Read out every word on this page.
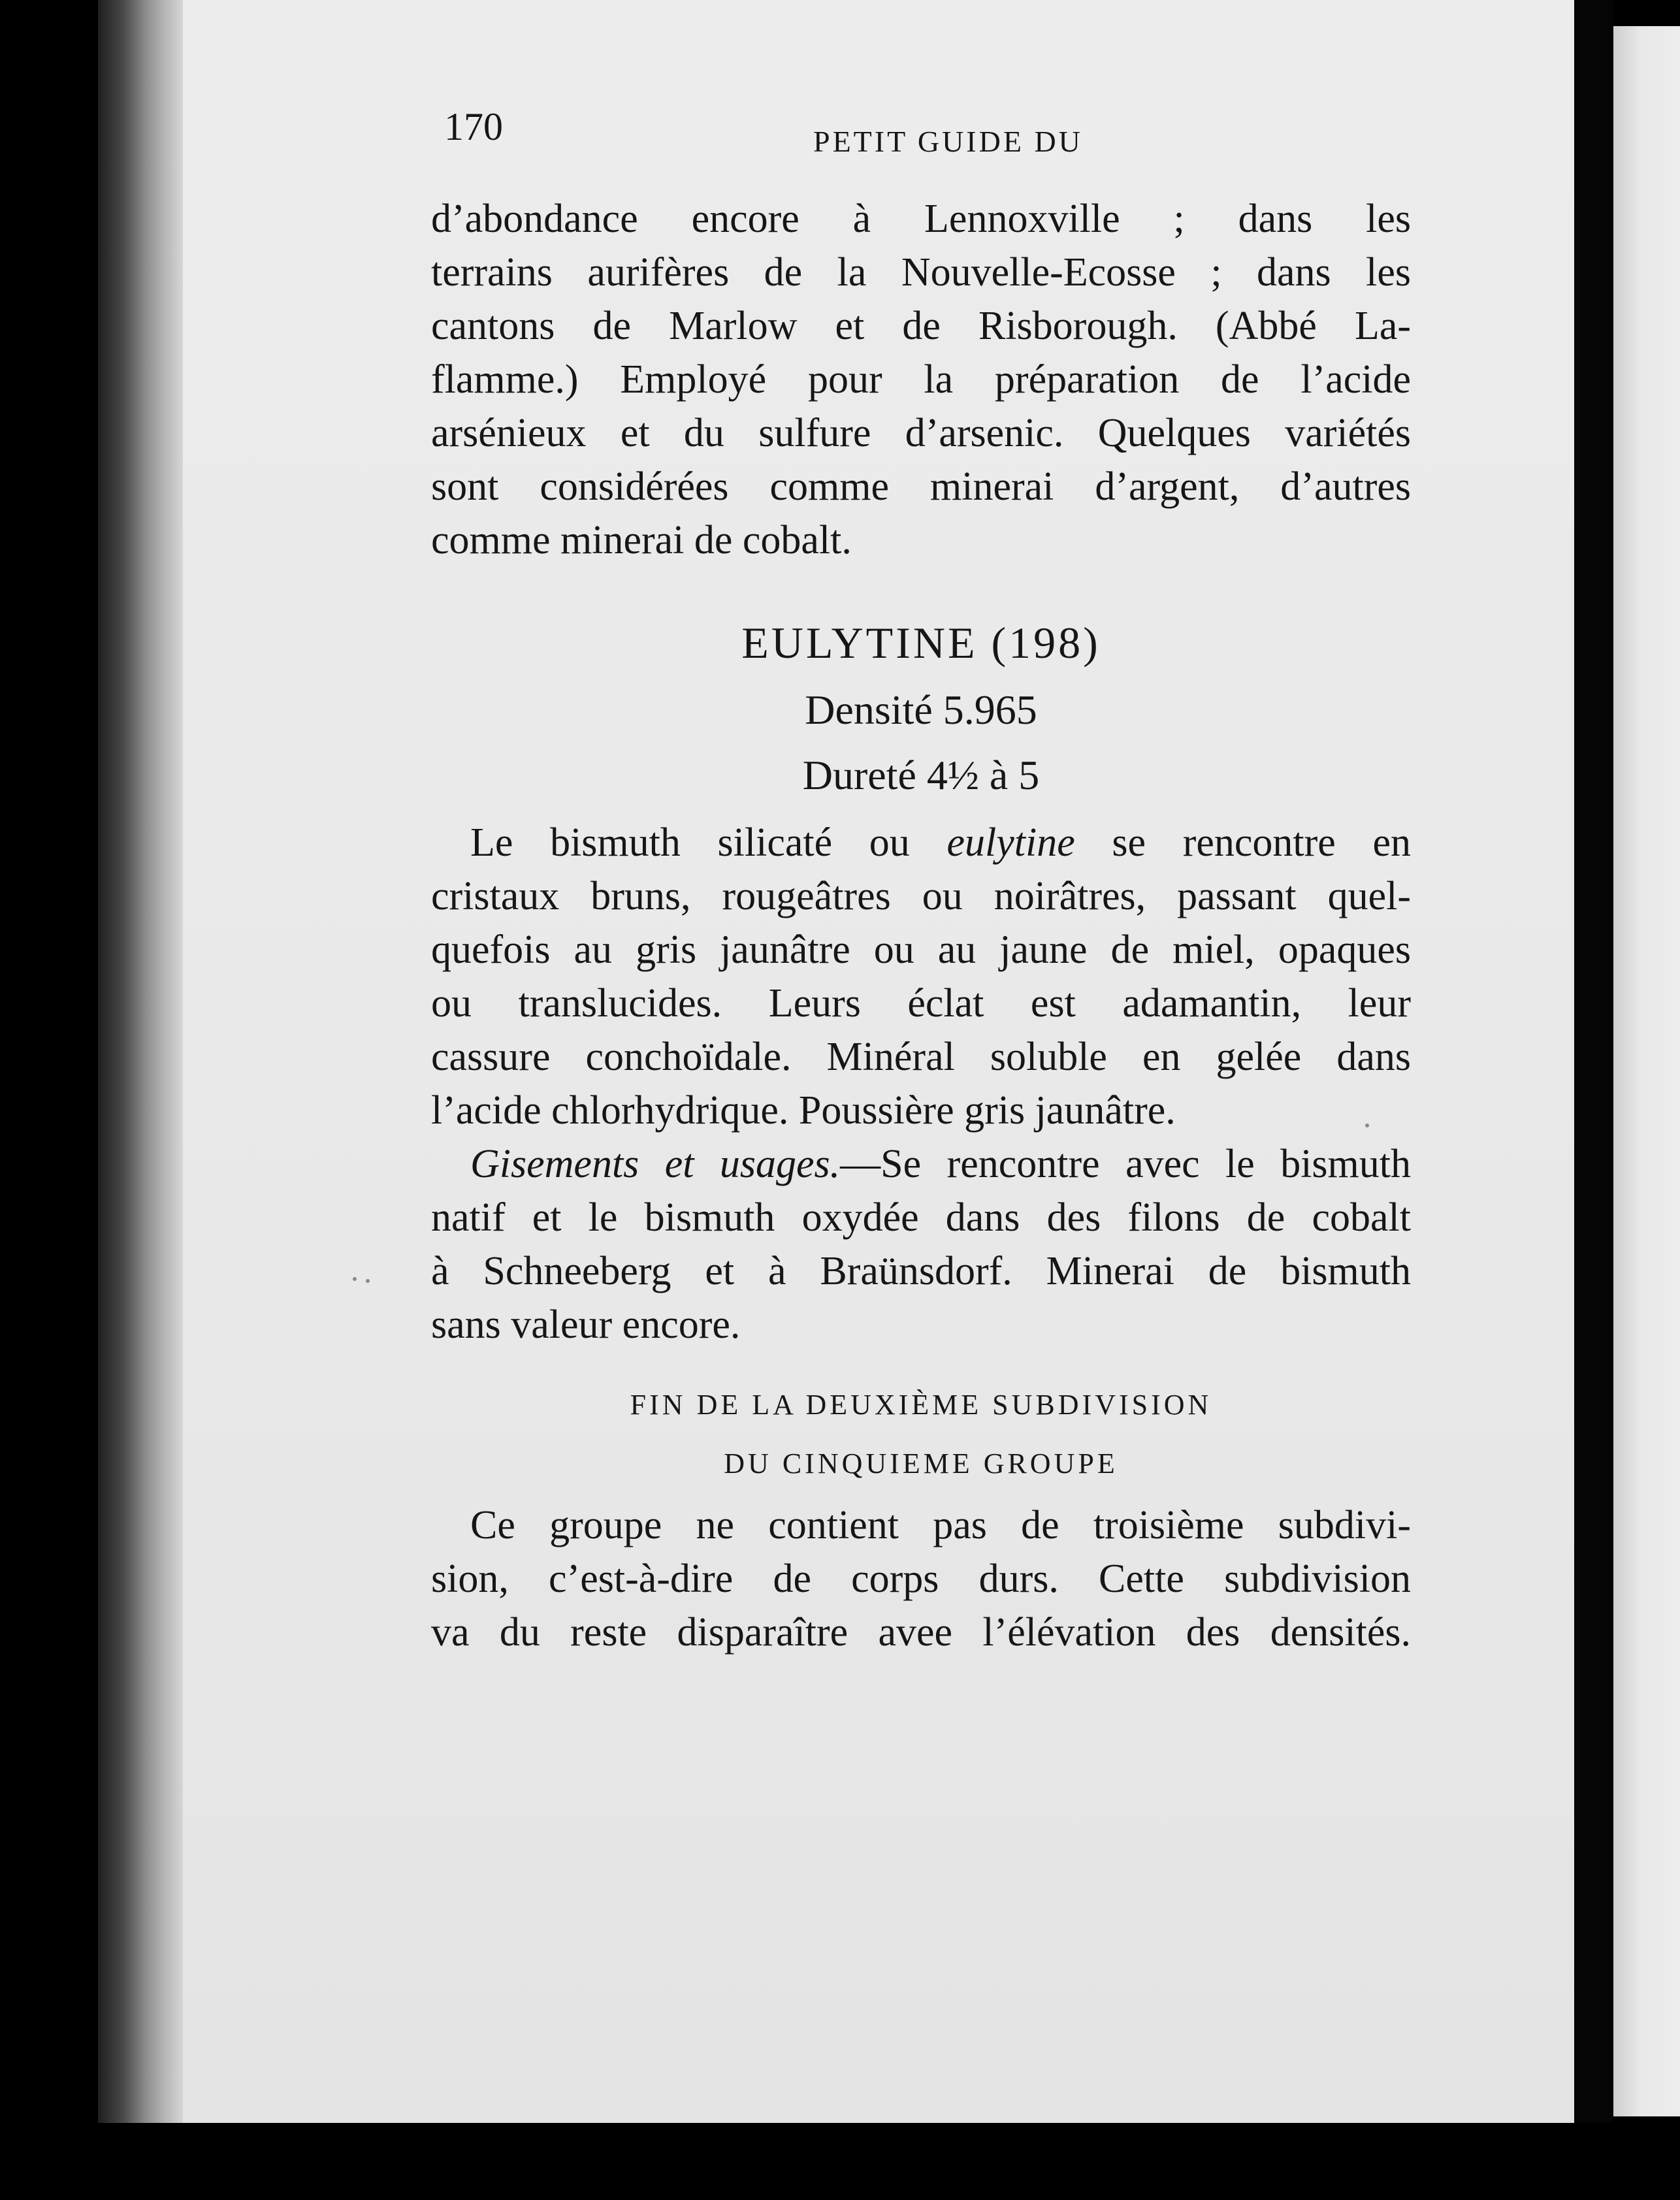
170	PETIT GUIDE DU
d’abondance encore à Lennoxville ; dans les
terrains aurifères de la Nouvelle-Ecosse ; dans les
cantons de Marlow et de Risborough. (Abbé La-
flamme.) Employé pour la préparation de l’acide
arsénieux et du sulfure d’arsenic. Quelques variétés
sont considérées comme minerai d’argent, d’autres
comme minerai de cobalt.
EULYTINE (198)
Densité 5.965
Dureté 4½ à 5
Le bismuth silicaté ou eulytine se rencontre en
cristaux bruns, rougeâtres ou noirâtres, passant quel-
quefois au gris jaunâtre ou au jaune de miel, opaques
ou translucides. Leurs éclat est adamantin, leur
cassure conchoïdale. Minéral soluble en gelée dans
l’acide chlorhydrique. Poussière gris jaunâtre.
Gisements et usages.—Se rencontre avec le bismuth
natif et le bismuth oxydée dans des filons de cobalt
à Schneeberg et à Braünsdorf. Minerai de bismuth
sans valeur encore.
FIN DE LA DEUXIÈME SUBDIVISION
DU CINQUIEME GROUPE
Ce groupe ne contient pas de troisième subdivi-
sion, c’est-à-dire de corps durs. Cette subdivision
va du reste disparaître avee l’élévation des densités.
